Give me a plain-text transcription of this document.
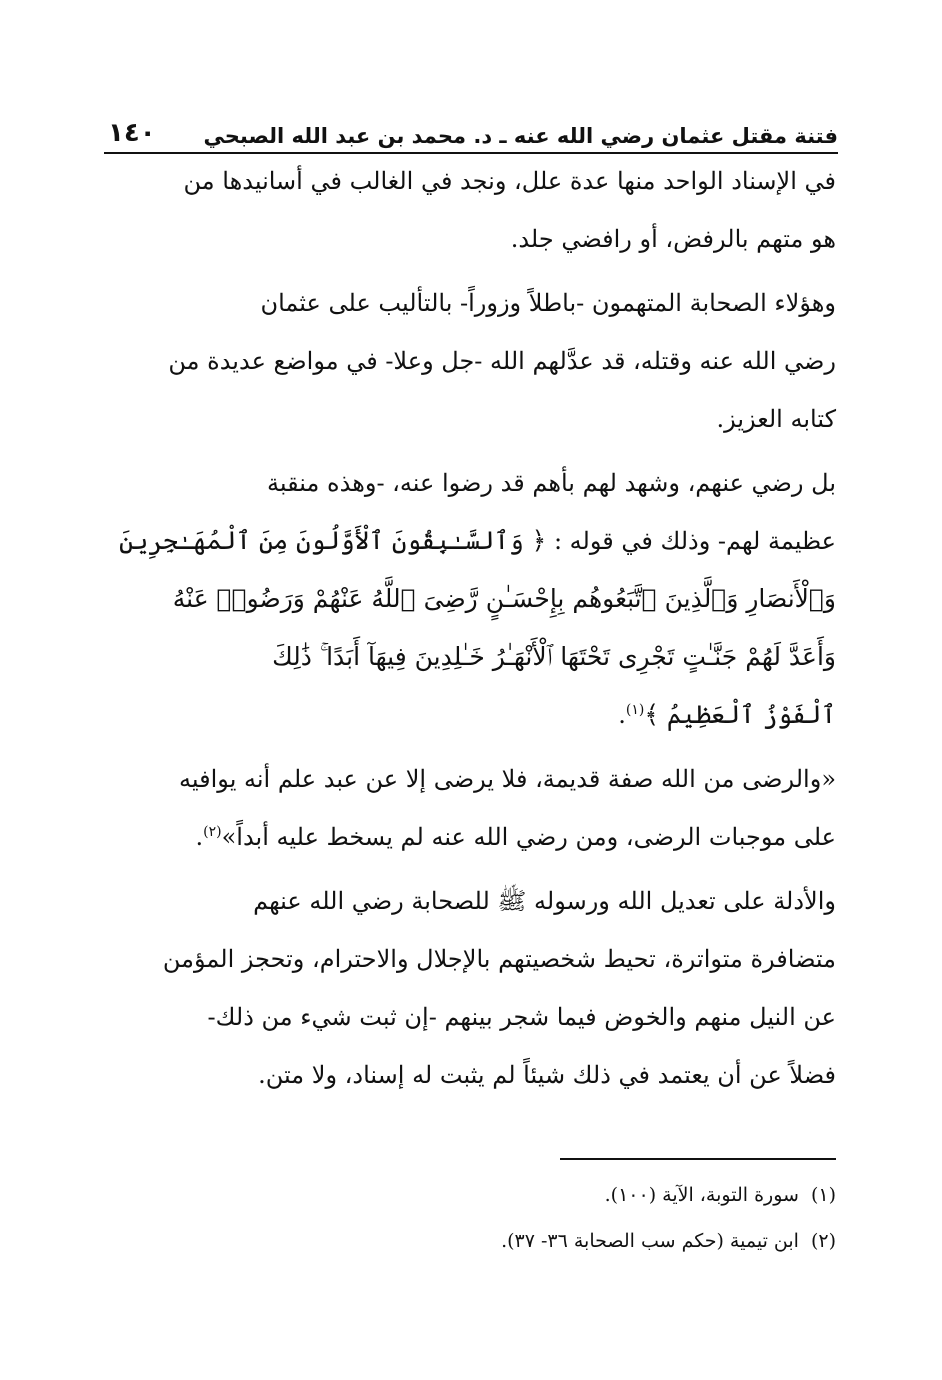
فتنة مقتل عثمان رضي الله عنه ـ د. محمد بن عبد الله الصبحي
١٤٠
في الإسناد الواحد منها عدة علل، ونجد في الغالب في أسانيدها من
هو متهم بالرفض، أو رافضي جلد.
وهؤلاء الصحابة المتهمون -باطلاً وزوراً- بالتأليب على عثمان
رضي الله عنه وقتله، قد عدَّلهم الله -جل وعلا- في مواضع عديدة من
كتابه العزيز.
بل رضي عنهم، وشهد لهم بأهم قد رضوا عنه، -وهذه منقبة
عظيمة لهم- وذلك في قوله : ﴿ وَٱلسَّـٰبِقُونَ ٱلْأَوَّلُونَ مِنَ ٱلْمُهَـٰجِرِينَ
وَٱلْأَنصَارِ وَٱلَّذِينَ ٱتَّبَعُوهُم بِإِحْسَـٰنٍ رَّضِىَ ٱللَّهُ عَنْهُمْ وَرَضُوا۟ عَنْهُ
وَأَعَدَّ لَهُمْ جَنَّـٰتٍ تَجْرِى تَحْتَهَا ٱلْأَنْهَـٰرُ خَـٰلِدِينَ فِيهَآ أَبَدًا ۚ ذَٰلِكَ
ٱلْفَوْزُ ٱلْعَظِيمُ ﴾$^{(١)}$.
«والرضى من الله صفة قديمة، فلا يرضى إلا عن عبد علم أنه يوافيه
على موجبات الرضى، ومن رضي الله عنه لم يسخط عليه أبداً»$^{(٢)}$.
والأدلة على تعديل الله ورسوله ﷺ للصحابة رضي الله عنهم
متضافرة متواترة، تحيط شخصيتهم بالإجلال والاحترام، وتحجز المؤمن
عن النيل منهم والخوض فيما شجر بينهم -إن ثبت شيء من ذلك-
فضلاً عن أن يعتمد في ذلك شيئاً لم يثبت له إسناد، ولا متن.

(١)سورة التوبة، الآية (١٠٠).

(٢)ابن تيمية (حكم سب الصحابة ٣٦- ٣٧).
